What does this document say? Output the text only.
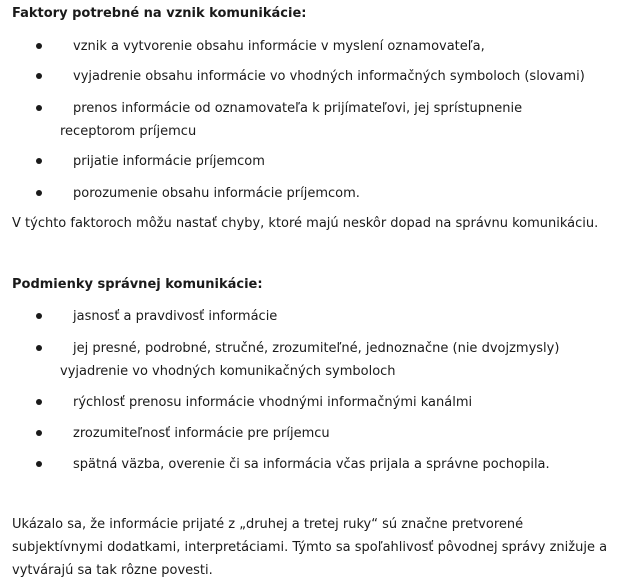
Faktory potrebné na vznik komunikácie:
vznik a vytvorenie obsahu informácie v myslení oznamovateľa,
vyjadrenie obsahu informácie vo vhodných informačných symboloch (slovami)
prenos informácie od oznamovateľa k prijímateľovi, jej sprístupnenie receptorom príjemcu
prijatie informácie príjemcom
porozumenie obsahu informácie príjemcom.
V týchto faktoroch môžu nastať chyby, ktoré majú neskôr dopad na správnu komunikáciu.
Podmienky správnej komunikácie:
jasnosť a pravdivosť informácie
jej presné, podrobné, stručné, zrozumiteľné, jednoznačne (nie dvojzmysly) vyjadrenie vo vhodných komunikačných symboloch
rýchlosť prenosu informácie vhodnými informačnými kanálmi
zrozumiteľnosť informácie pre príjemcu
spätná väzba, overenie či sa informácia včas prijala a správne pochopila.
Ukázalo sa, že informácie prijaté z „druhej a tretej ruky“ sú značne pretvorené subjektívnymi dodatkami, interpretáciami. Týmto sa spoľahlivosť pôvodnej správy znižuje a vytvárajú sa tak rôzne povesti.
